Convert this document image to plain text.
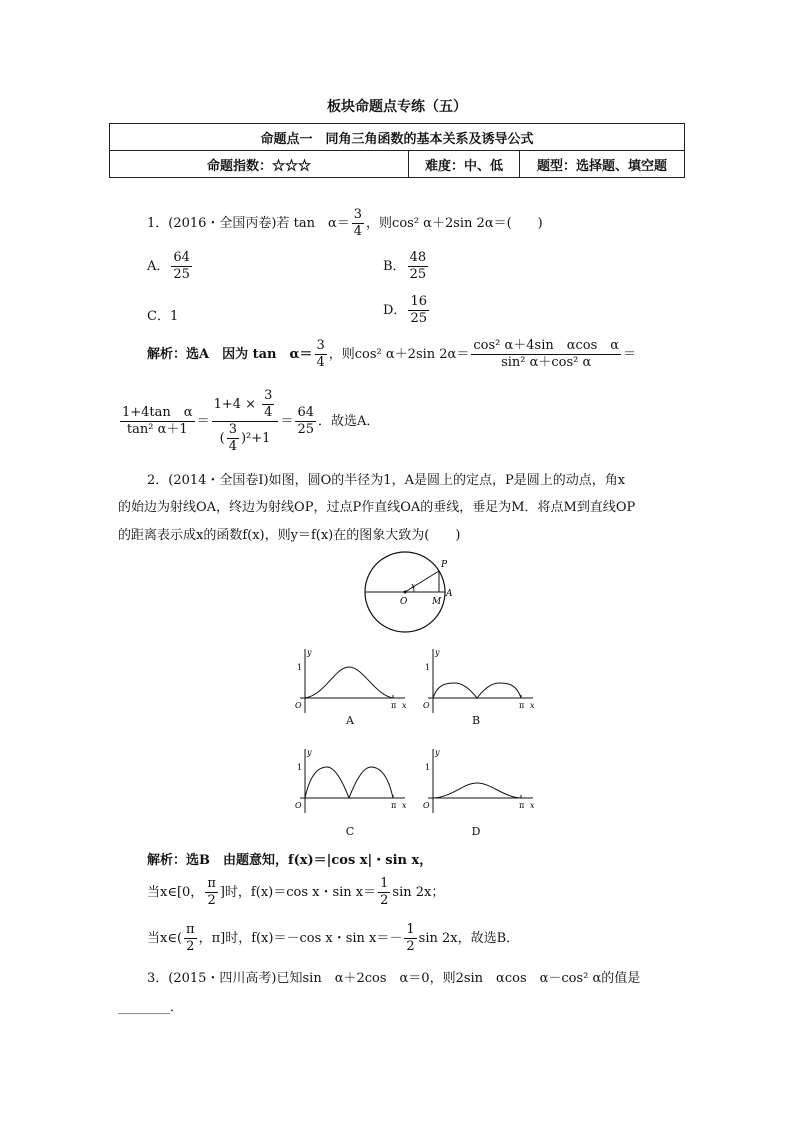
板块命题点专练（五）
命题点一　同角三角函数的基本关系及诱导公式
命题指数：☆☆☆	难度：中、低	题型：选择题、填空题
1．(2016・全国丙卷)若 tan　$\alpha= \frac{3}{4}$ ，则cos² α＋2sin 2α＝(　　)
A． $\frac{64}{25}$	B． $\frac{48}{25}$
C．1	D． $\frac{16}{25}$
解析：选A　因为 tan　$\alpha= \frac{3}{4}$ ，则cos² α＋2sin $2\alpha= \frac{\text{cos² α＋4sin　αcos　α}}{\text{sin² α＋cos² α}}$ ＝
$\frac{\text{1+4tan　α}}{\text{tan² α＋1}} = \frac{1+4 \times \frac{3}{4}}{( \frac{3}{4} )^2+1} = \frac{64}{25}$ ．故选A．
2．(2014・全国卷Ⅰ)如图，圆O的半径为1，A是圆上的定点，P是圆上的动点，角x
的始边为射线OA，终边为射线OP，过点P作直线OA的垂线，垂足为M．将点M到直线OP
的距离表示成x的函数f(x)，则y＝f(x)在的图象大致为(　　)
P
O	M
A
x
y
1
O	π x
A
y
1
O	π x
B
y
1
O	π x
C
y
1
O	π x
D
解析：选B　由题意知，f(x)＝|cos x|・sin x，
当x∈[0， $\frac{\pi}{2}$ ]时，f(x)＝cos x・$\sin x= \frac{1}{2}$ sin 2x；
当x∈( $\frac{\pi}{2}$ ，π]时，f(x)＝－cos x・$\sin x=- \frac{1}{2}$ sin 2x，故选B．
3．(2015・四川高考)已知sin　α＋2cos　α＝0，则2sin　αcos　α－cos² α的值是
________．
